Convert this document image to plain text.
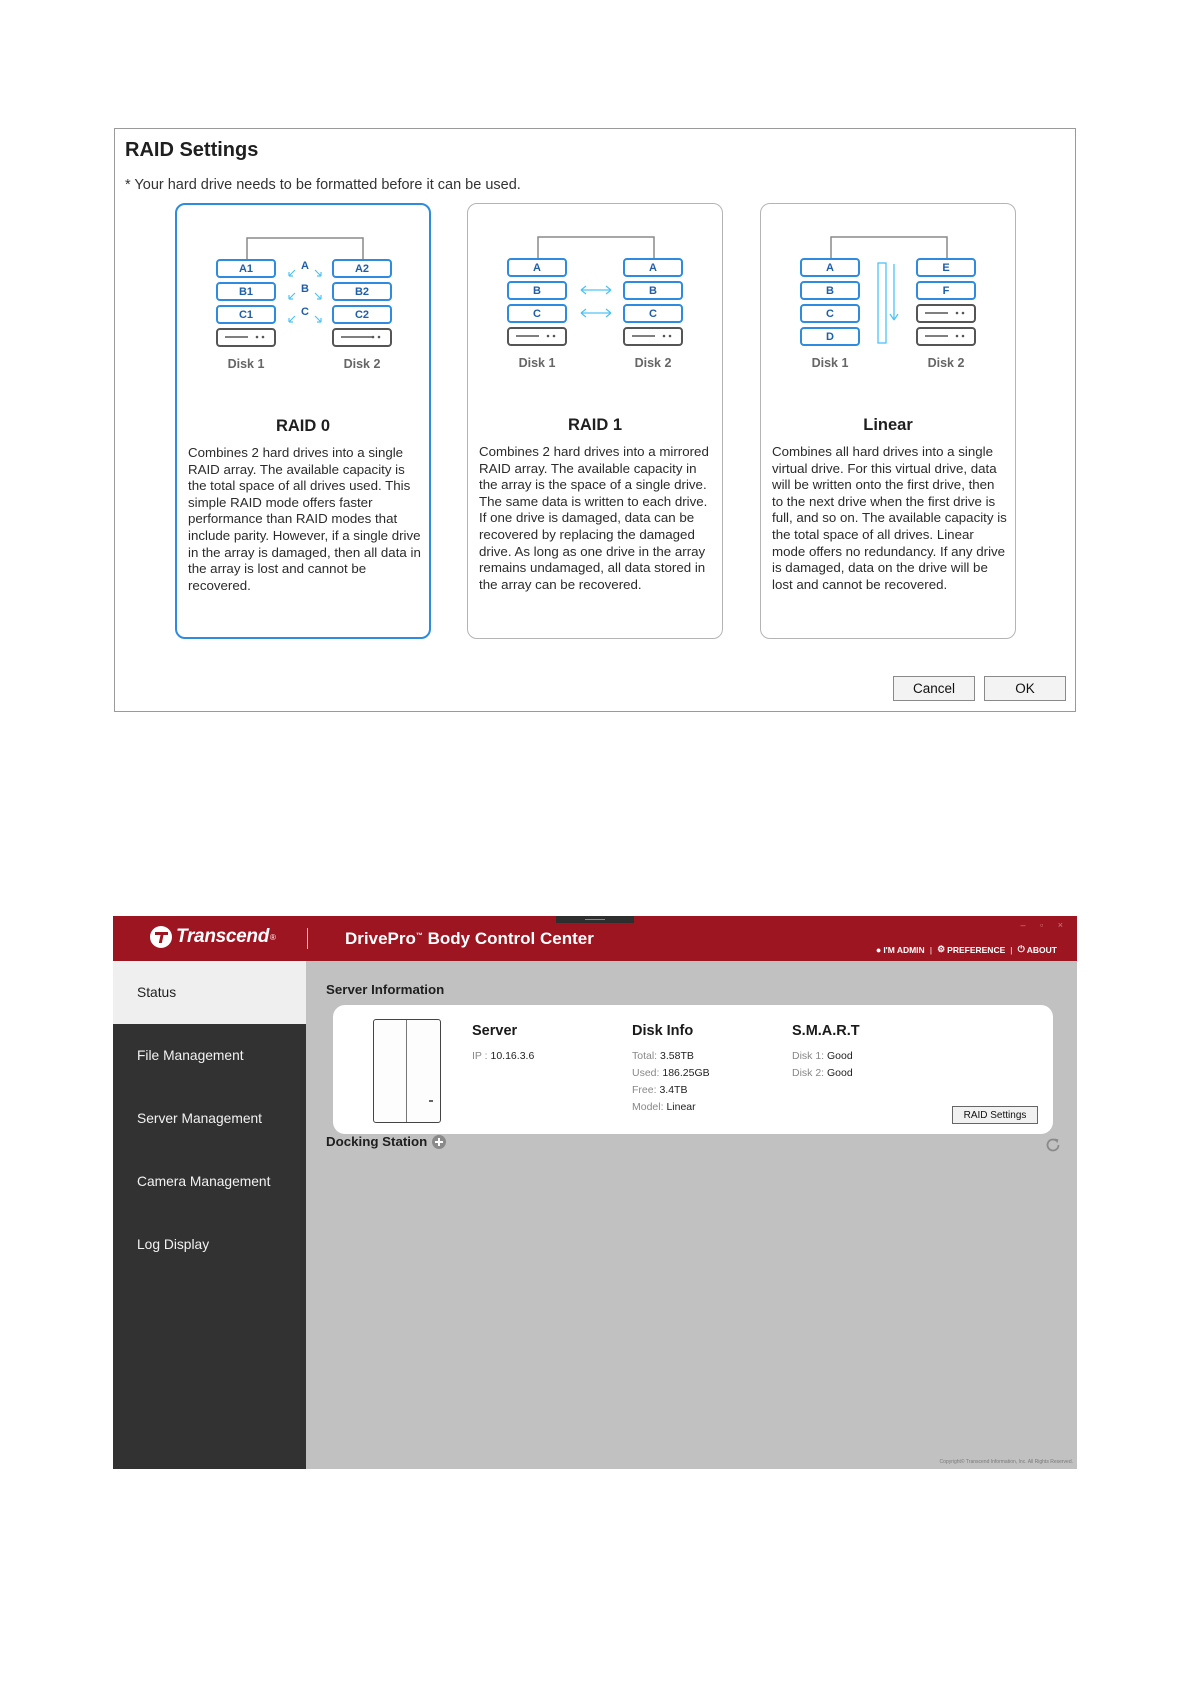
RAID Settings
* Your hard drive needs to be formatted before it can be used.
A1
B1
C1
A2
B2
C2
A
B
C
Disk 1	Disk 2
RAID 0
Combines 2 hard drives into a single RAID array. The available capacity is the total space of all drives used. This simple RAID mode offers faster performance than RAID modes that include parity. However, if a single drive in the array is damaged, then all data in the array is lost and cannot be recovered.
A
B
C
A
B
C
Disk 1	Disk 2
RAID 1
Combines 2 hard drives into a mirrored RAID array. The available capacity in the array is the space of a single drive. The same data is written to each drive. If one drive is damaged, data can be recovered by replacing the damaged drive. As long as one drive in the array remains undamaged, all data stored in the array can be recovered.
A
B
C
D
E
F
Disk 1	Disk 2
Linear
Combines all hard drives into a single virtual drive. For this virtual drive, data will be written onto the first drive, then to the next drive when the first drive is full, and so on. The available capacity is the total space of all drives. Linear mode offers no redundancy. If any drive is damaged, data on the drive will be lost and cannot be recovered.
Cancel	OK
– ▫ ×
Transcend ®	DrivePro™ Body Control Center
● I'M ADMIN | ⚙ PREFERENCE | ⏻ ABOUT
Status
File Management
Server Management
Camera Management
Log Display
Server Information
Server
IP : 10.16.3.6
Disk Info
Total: 3.58TB
Used: 186.25GB
Free: 3.4TB
Model: Linear
S.M.A.R.T
Disk 1: Good
Disk 2: Good
RAID Settings
Docking Station
Copyright© Transcend Information, Inc. All Rights Reserved.
